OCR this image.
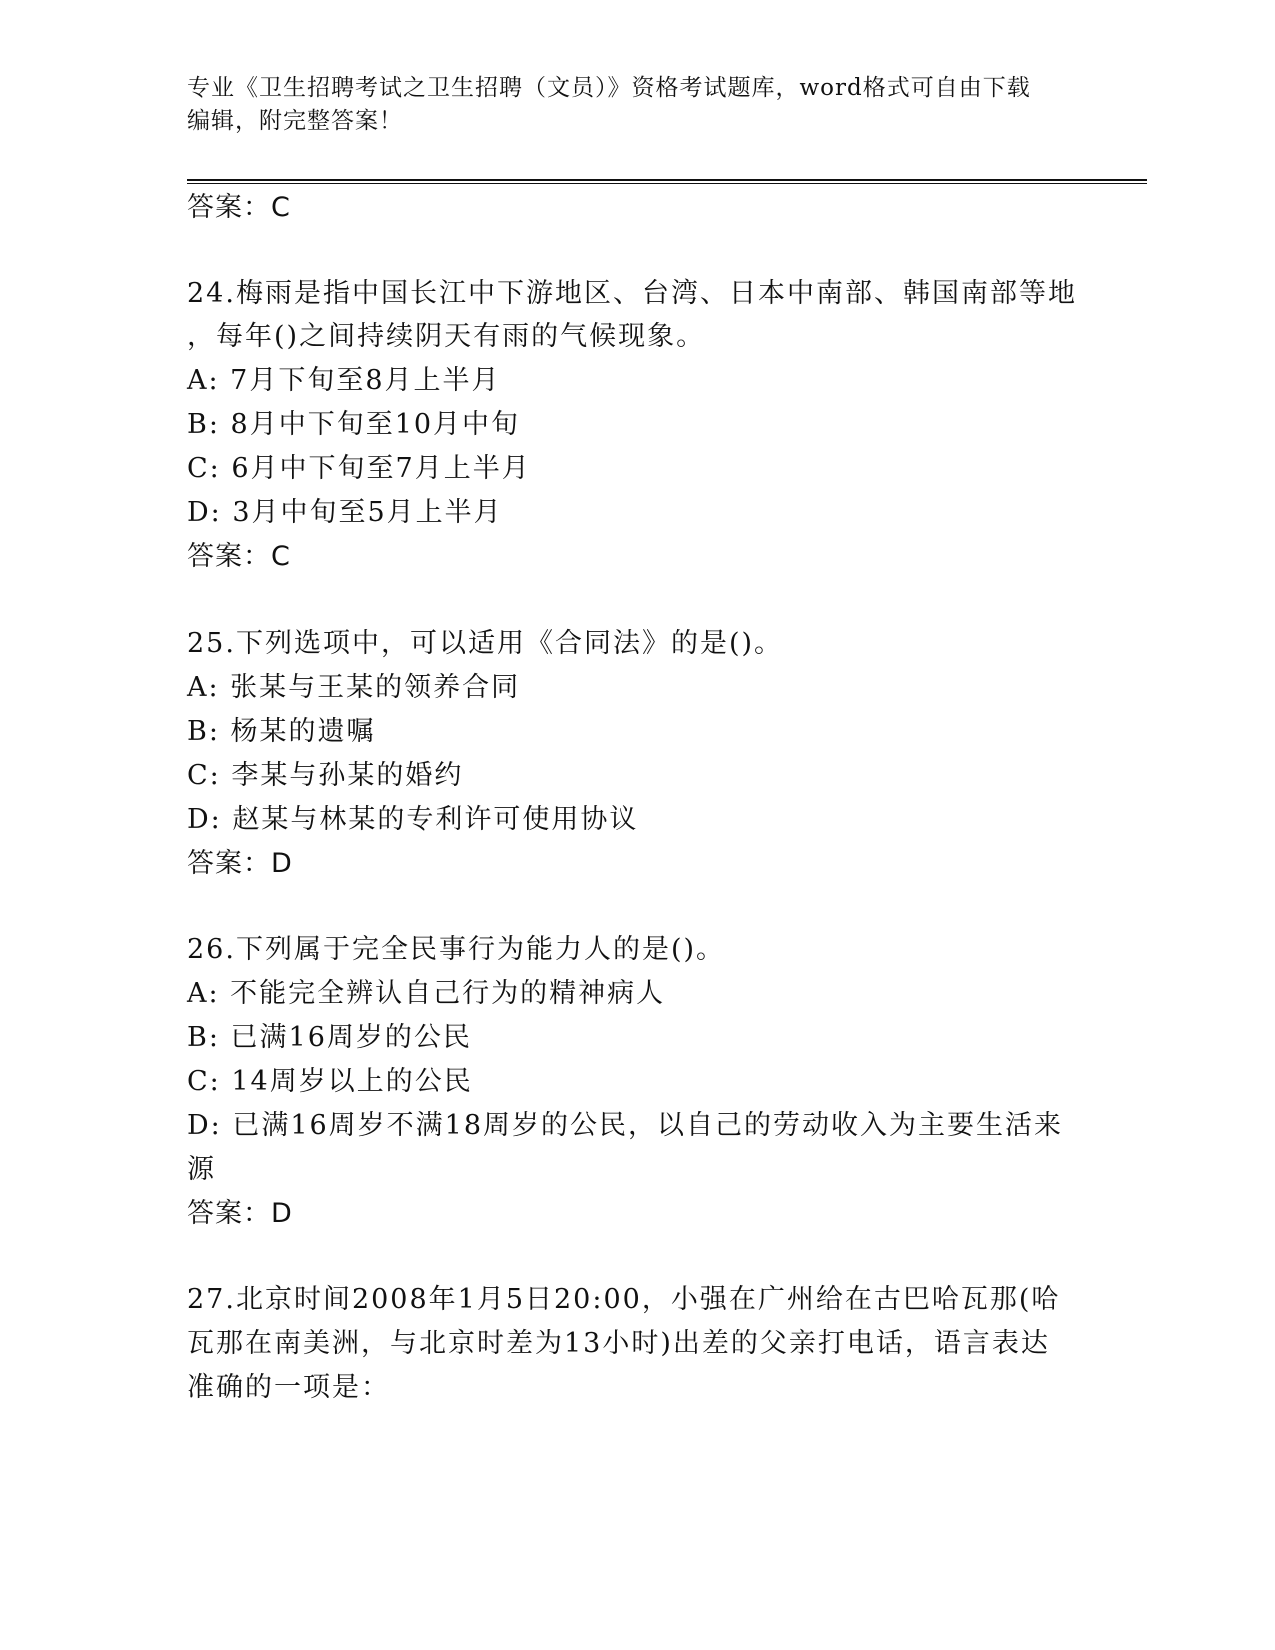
专业《卫生招聘考试之卫生招聘（文员）》资格考试题库，word格式可自由下载
编辑，附完整答案！
答案：C
24.梅雨是指中国长江中下游地区、台湾、日本中南部、韩国南部等地
，每年()之间持续阴天有雨的气候现象。
A: 7月下旬至8月上半月
B: 8月中下旬至10月中旬
C: 6月中下旬至7月上半月
D: 3月中旬至5月上半月
答案：C
25.下列选项中，可以适用《合同法》的是()。
A: 张某与王某的领养合同
B: 杨某的遗嘱
C: 李某与孙某的婚约
D: 赵某与林某的专利许可使用协议
答案：D
26.下列属于完全民事行为能力人的是()。
A: 不能完全辨认自己行为的精神病人
B: 已满16周岁的公民
C: 14周岁以上的公民
D: 已满16周岁不满18周岁的公民，以自己的劳动收入为主要生活来
源
答案：D
27.北京时间2008年1月5日20:00，小强在广州给在古巴哈瓦那(哈
瓦那在南美洲，与北京时差为13小时)出差的父亲打电话，语言表达
准确的一项是：
